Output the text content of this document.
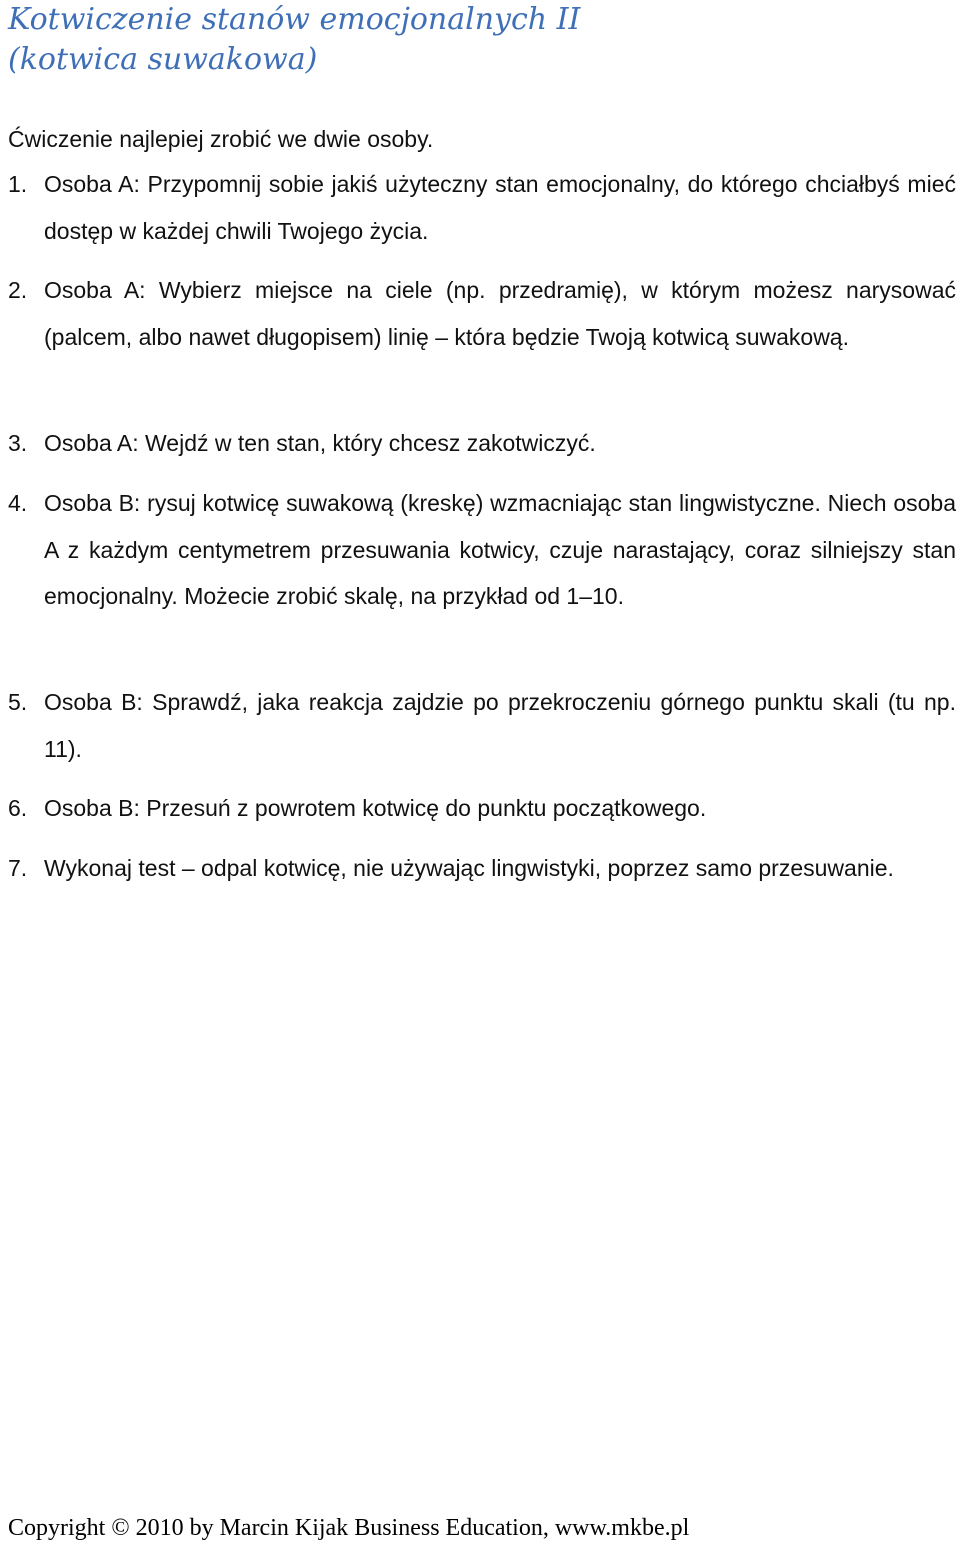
Kotwiczenie stanów emocjonalnych II
(kotwica suwakowa)

Ćwiczenie najlepiej zrobić we dwie osoby.

1. Osoba A: Przypomnij sobie jakiś użyteczny stan emocjonalny, do którego chciałbyś mieć dostęp w każdej chwili Twojego życia.

2. Osoba A: Wybierz miejsce na ciele (np. przedramię), w którym możesz narysować (palcem, albo nawet długopisem) linię – która będzie Twoją kotwicą suwakową.

3. Osoba A: Wejdź w ten stan, który chcesz zakotwiczyć.

4. Osoba B: rysuj kotwicę suwakową (kreskę) wzmacniając stan lingwistyczne. Niech osoba A z każdym centymetrem przesuwania kotwicy, czuje narastający, coraz silniejszy stan emocjonalny. Możecie zrobić skalę, na przykład od 1–10.

5. Osoba B: Sprawdź, jaka reakcja zajdzie po przekroczeniu górnego punktu skali (tu np. 11).

6. Osoba B: Przesuń z powrotem kotwicę do punktu początkowego.

7. Wykonaj test – odpal kotwicę, nie używając lingwistyki, poprzez samo przesuwanie.

Copyright © 2010 by Marcin Kijak Business Education, www.mkbe.pl
